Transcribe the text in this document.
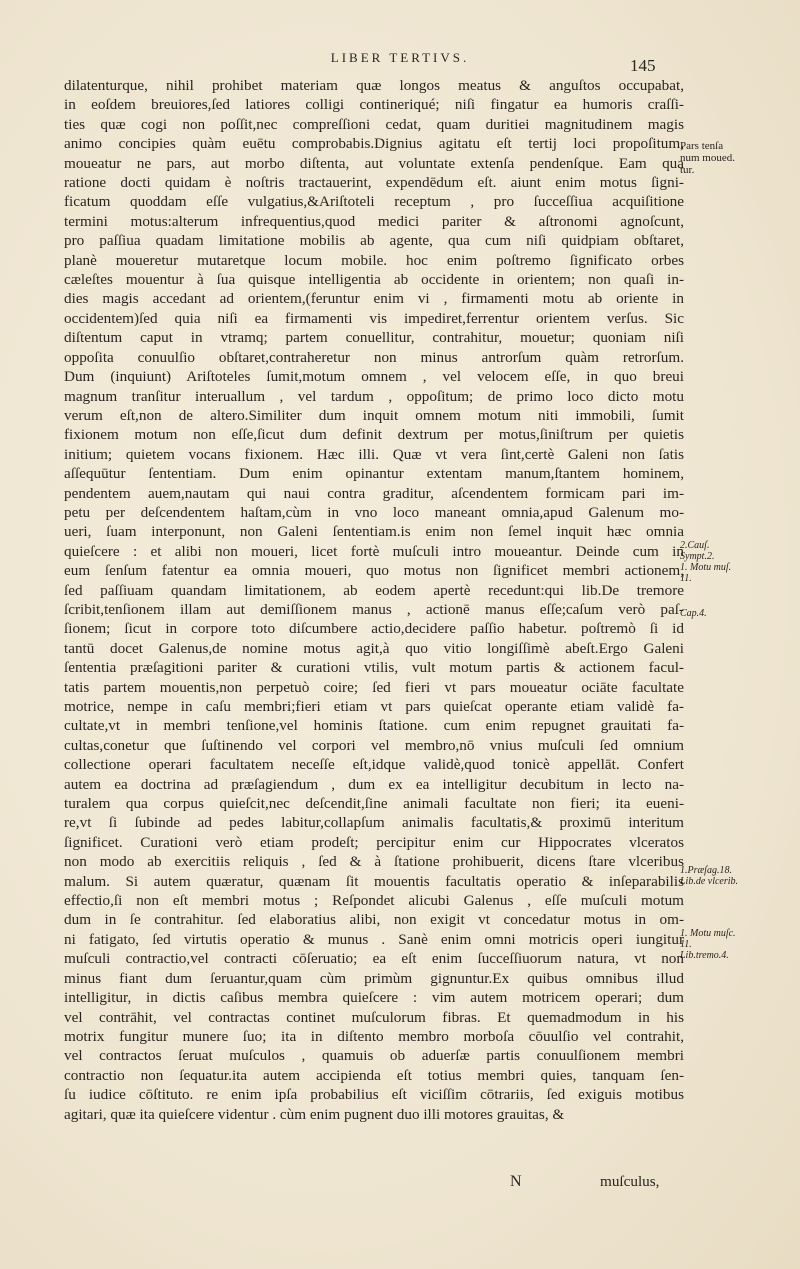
LIBER TERTIVS.	145
dilatenturque, nihil prohibet materiam quæ longos meatus & anguſtos occupabat,
in eoſdem breuiores,ſed latiores colligi contineriqué; niſi fingatur ea humoris craſſi-
ties quæ cogi non poſſit,nec compreſſioni cedat, quam duritiei magnitudinem magis
animo concipies quàm euētu comprobabis.Dignius agitatu eſt tertij loci propoſitum,
moueatur ne pars, aut morbo diſtenta, aut voluntate extenſa pendenſque. Eam qua
ratione docti quidam è noſtris tractauerint, expendēdum eſt. aiunt enim motus ſigni-
ficatum quoddam eſſe vulgatius,&Ariſtoteli receptum , pro ſucceſſiua acquiſitione
termini motus:alterum infrequentius,quod medici pariter & aſtronomi agnoſcunt,
pro paſſiua quadam limitatione mobilis ab agente, qua cum niſi quidpiam obſtaret,
planè moueretur mutaretque locum mobile. hoc enim poſtremo ſignificato orbes
cæleſtes mouentur à ſua quisque intelligentia ab occidente in orientem; non quaſi in-
dies magis accedant ad orientem,(feruntur enim vi , firmamenti motu ab oriente in
occidentem)ſed quia niſi ea firmamenti vis impediret,ferrentur orientem verſus. Sic
diſtentum caput in vtramq; partem conuellitur, contrahitur, mouetur; quoniam niſi
oppoſita conuulſio obſtaret,contraheretur non minus antrorſum quàm retrorſum.
Dum (inquiunt) Ariſtoteles ſumit,motum omnem , vel velocem eſſe, in quo breui
magnum tranſitur interuallum , vel tardum , oppoſitum; de primo loco dicto motu
verum eſt,non de altero.Similiter dum inquit omnem motum niti immobili, ſumit
fixionem motum non eſſe,ſicut dum definit dextrum per motus,ſiniſtrum per quietis
initium; quietem vocans fixionem. Hæc illi. Quæ vt vera ſint,certè Galeni non ſatis
aſſequūtur ſententiam. Dum enim opinantur extentam manum,ſtantem hominem,
pendentem auem,nautam qui naui contra graditur, aſcendentem formicam pari im-
petu per deſcendentem haſtam,cùm in vno loco maneant omnia,apud Galenum mo-
ueri, ſuam interponunt, non Galeni ſententiam.is enim non ſemel inquit hæc omnia
quieſcere : et alibi non moueri, licet fortè muſculi intro moueantur. Deinde cum in
eum ſenſum fatentur ea omnia moueri, quo motus non ſignificet membri actionem,
ſed paſſiuam quandam limitationem, ab eodem apertè recedunt:qui lib.De tremore
ſcribit,tenſionem illam aut demiſſionem manus , actionē manus eſſe;caſum verò paſ-
ſionem; ſicut in corpore toto diſcumbere actio,decidere paſſio habetur. poſtremò ſi id
tantū docet Galenus,de nomine motus agit,à quo vitio longiſſimè abeſt.Ergo Galeni
ſententia præſagitioni pariter & curationi vtilis, vult motum partis & actionem facul-
tatis partem mouentis,non perpetuò coire; ſed fieri vt pars moueatur ociāte facultate
motrice, nempe in caſu membri;fieri etiam vt pars quieſcat operante etiam validè fa-
cultate,vt in membri tenſione,vel hominis ſtatione. cum enim repugnet grauitati fa-
cultas,conetur que ſuſtinendo vel corpori vel membro,nō vnius muſculi ſed omnium
collectione operari facultatem neceſſe eſt,idque validè,quod tonicè appellāt. Confert
autem ea doctrina ad præſagiendum , dum ex ea intelligitur decubitum in lecto na-
turalem qua corpus quieſcit,nec deſcendit,ſine animali facultate non fieri; ita eueni-
re,vt ſi ſubinde ad pedes labitur,collapſum animalis facultatis,& proximū interitum
ſignificet. Curationi verò etiam prodeſt; percipitur enim cur Hippocrates vlceratos
non modo ab exercitiis reliquis , ſed & à ſtatione prohibuerit, dicens ſtare vlceribus
malum. Si autem quæratur, quænam ſit mouentis facultatis operatio & inſeparabilis
effectio,ſi non eſt membri motus ; Reſpondet alicubi Galenus , eſſe muſculi motum
dum in ſe contrahitur. ſed elaboratius alibi, non exigit vt concedatur motus in om-
ni fatigato, ſed virtutis operatio & munus . Sanè enim omni motricis operi iungitur
muſculi contractio,vel contracti cōſeruatio; ea eſt enim ſucceſſiuorum natura, vt non
minus fiant dum ſeruantur,quam cùm primùm gignuntur.Ex quibus omnibus illud
intelligitur, in dictis caſibus membra quieſcere : vim autem motricem operari; dum
vel contrāhit, vel contractas continet muſculorum fibras. Et quemadmodum in his
motrix fungitur munere ſuo; ita in diſtento membro morboſa cōuulſio vel contrahit,
vel contractos ſeruat muſculos , quamuis ob aduerſæ partis conuulſionem membri
contractio non ſequatur.ita autem accipienda eſt totius membri quies, tanquam ſen-
ſu iudice cōſtituto. re enim ipſa probabilius eſt viciſſim cōtrariis, ſed exiguis motibus
agitari, quæ ita quieſcere videntur . cùm enim pugnent duo illi motores grauitas, &
Pars tenſa
num moued.
tur.
2.Cauſ.
Sympt.2.
1. Motu muſ.
11.
Cap.4.
1.Præſag.18.
Lib.de vlcerib.
1. Motu muſc.
11.
Lib.tremo.4.
N	muſculus,
